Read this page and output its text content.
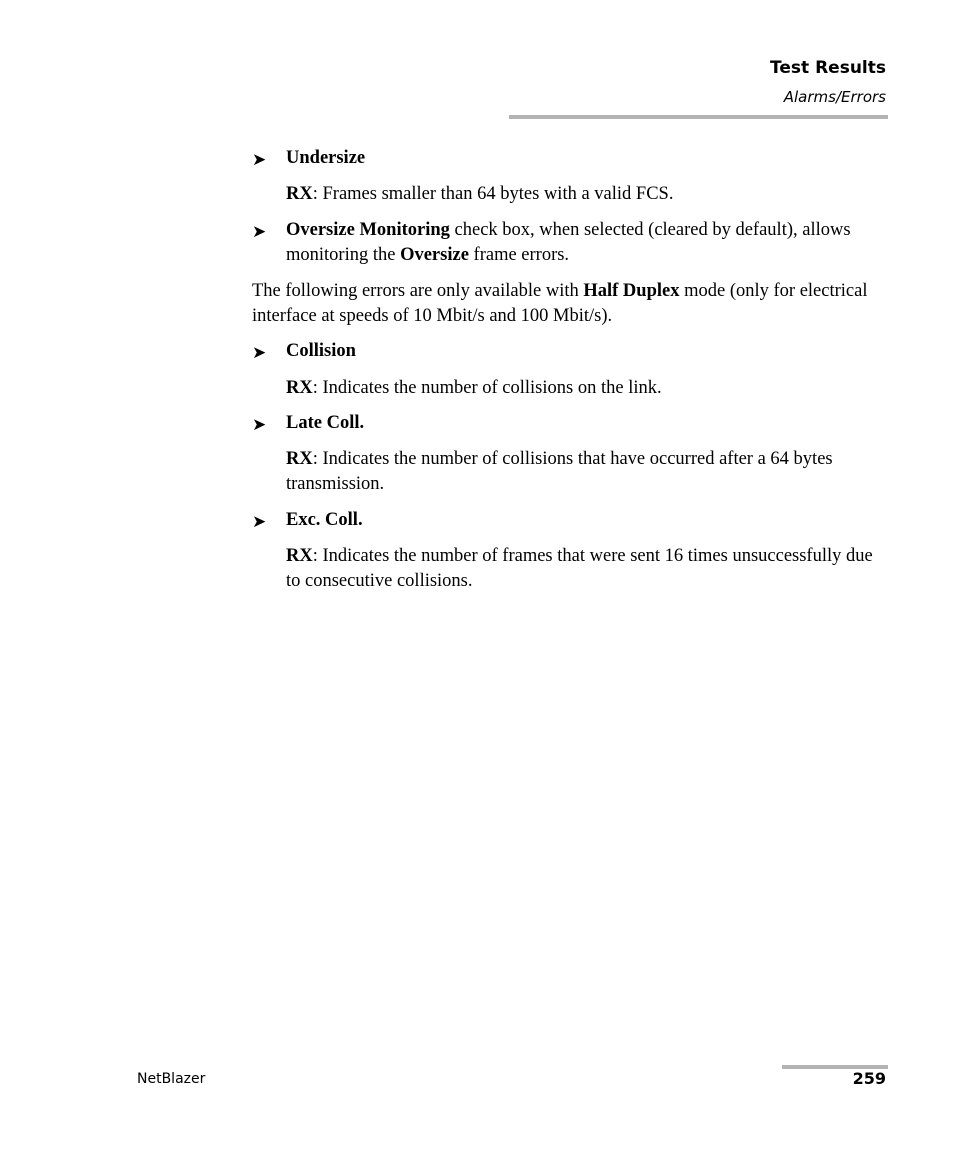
Test Results
Alarms/Errors
➤ Undersize
RX: Frames smaller than 64 bytes with a valid FCS.
➤ Oversize Monitoring check box, when selected (cleared by default), allows monitoring the Oversize frame errors.
The following errors are only available with Half Duplex mode (only for electrical interface at speeds of 10 Mbit/s and 100 Mbit/s).
➤ Collision
RX: Indicates the number of collisions on the link.
➤ Late Coll.
RX: Indicates the number of collisions that have occurred after a 64 bytes transmission.
➤ Exc. Coll.
RX: Indicates the number of frames that were sent 16 times unsuccessfully due to consecutive collisions.
NetBlazer	259
